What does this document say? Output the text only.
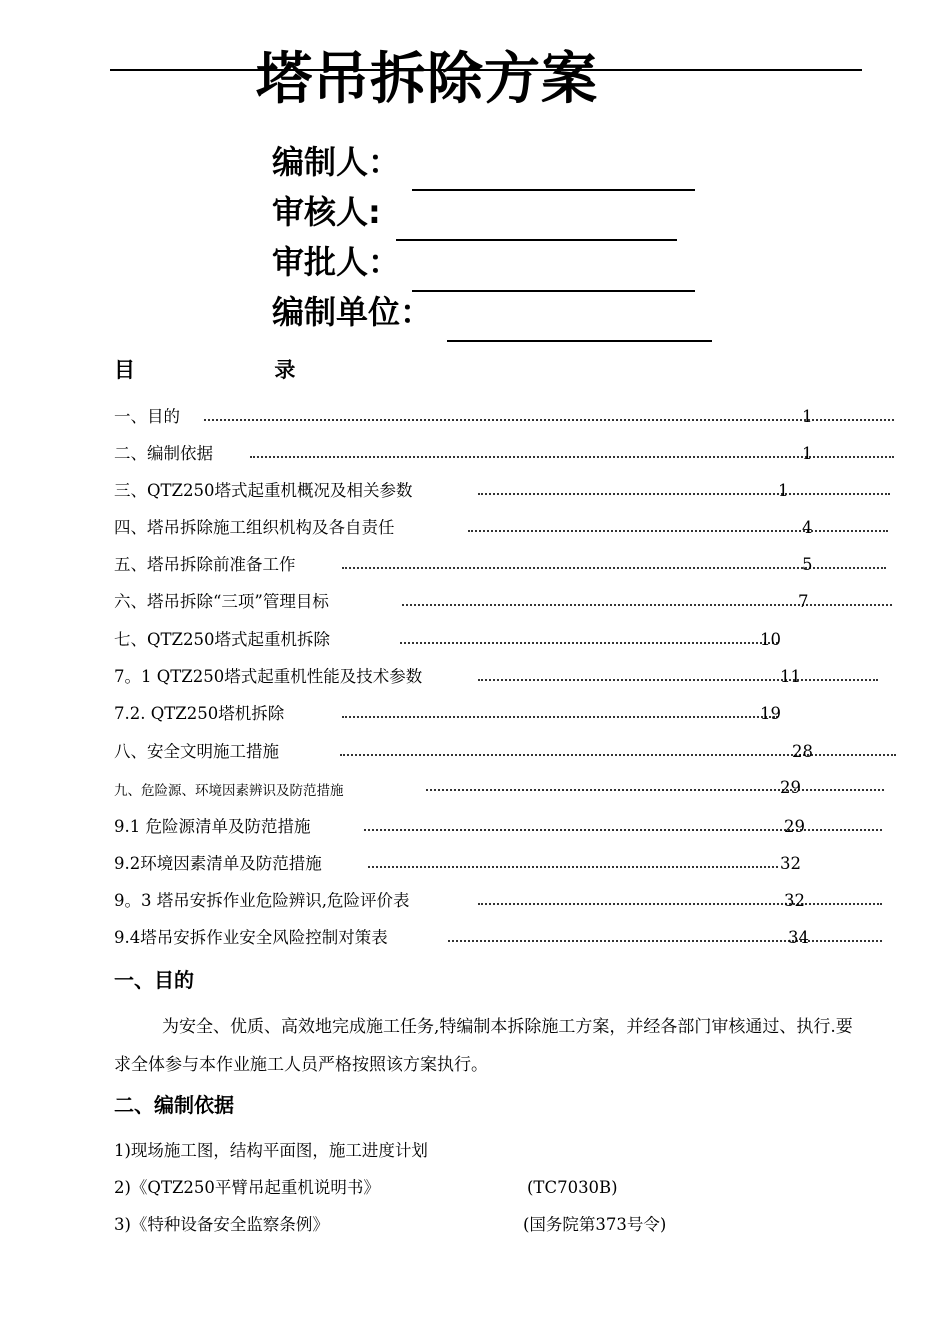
塔吊拆除方案
编制人：
审核人:
审批人：
编制单位：
目	录
一、目的	1
二、编制依据	1
三、QTZ250塔式起重机概况及相关参数	1
四、塔吊拆除施工组织机构及各自责任	4
五、塔吊拆除前准备工作	5
六、塔吊拆除“三项”管理目标	7
七、QTZ250塔式起重机拆除	10
7。1 QTZ250塔式起重机性能及技术参数	11
7.2. QTZ250塔机拆除	19
八、安全文明施工措施	28
九、危险源、环境因素辨识及防范措施	29
9.1 危险源清单及防范措施	29
9.2环境因素清单及防范措施	32
9。3 塔吊安拆作业危险辨识,危险评价表	32
9.4塔吊安拆作业安全风险控制对策表	34
一、目的
为安全、优质、高效地完成施工任务,特编制本拆除施工方案，并经各部门审核通过、执行.要求全体参与本作业施工人员严格按照该方案执行。
二、编制依据
1)现场施工图，结构平面图，施工进度计划
2)《QTZ250平臂吊起重机说明书》	(TC7030B)
3)《特种设备安全监察条例》	(国务院第373号令)
